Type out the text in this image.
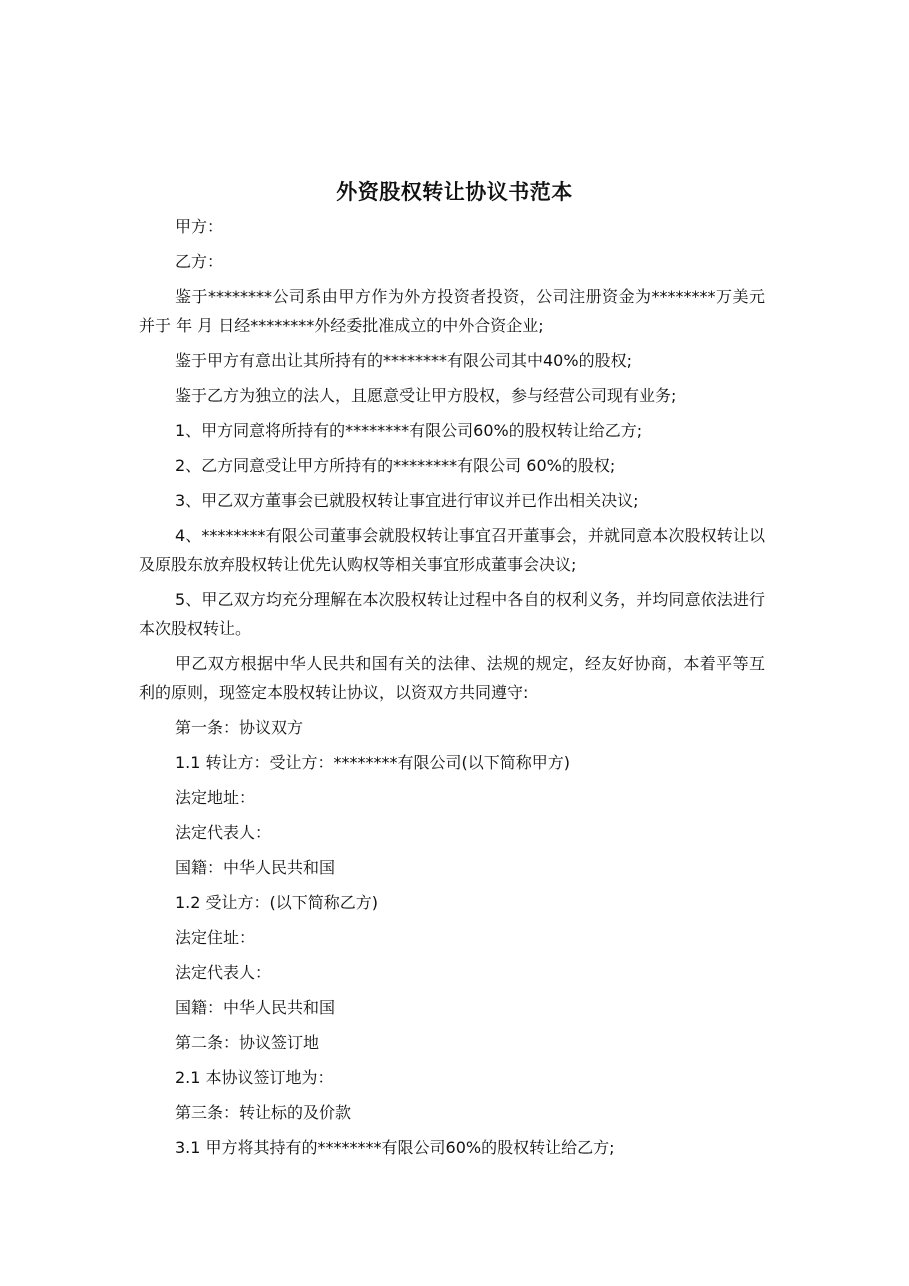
外资股权转让协议书范本

甲方：

乙方：

鉴于********公司系由甲方作为外方投资者投资，公司注册资金为********万美元并于 年 月 日经********外经委批准成立的中外合资企业;

鉴于甲方有意出让其所持有的********有限公司其中40%的股权;

鉴于乙方为独立的法人，且愿意受让甲方股权，参与经营公司现有业务;

1、甲方同意将所持有的********有限公司60%的股权转让给乙方;

2、乙方同意受让甲方所持有的********有限公司 60%的股权;

3、甲乙双方董事会已就股权转让事宜进行审议并已作出相关决议;

4、********有限公司董事会就股权转让事宜召开董事会，并就同意本次股权转让以及原股东放弃股权转让优先认购权等相关事宜形成董事会决议;

5、甲乙双方均充分理解在本次股权转让过程中各自的权利义务，并均同意依法进行本次股权转让。

甲乙双方根据中华人民共和国有关的法律、法规的规定，经友好协商，本着平等互利的原则，现签定本股权转让协议，以资双方共同遵守:

第一条：协议双方

1.1 转让方：受让方：********有限公司(以下简称甲方)

法定地址：

法定代表人：

国籍：中华人民共和国

1.2 受让方：(以下简称乙方)

法定住址：

法定代表人：

国籍：中华人民共和国

第二条：协议签订地

2.1 本协议签订地为：

第三条：转让标的及价款

3.1 甲方将其持有的********有限公司60%的股权转让给乙方;
